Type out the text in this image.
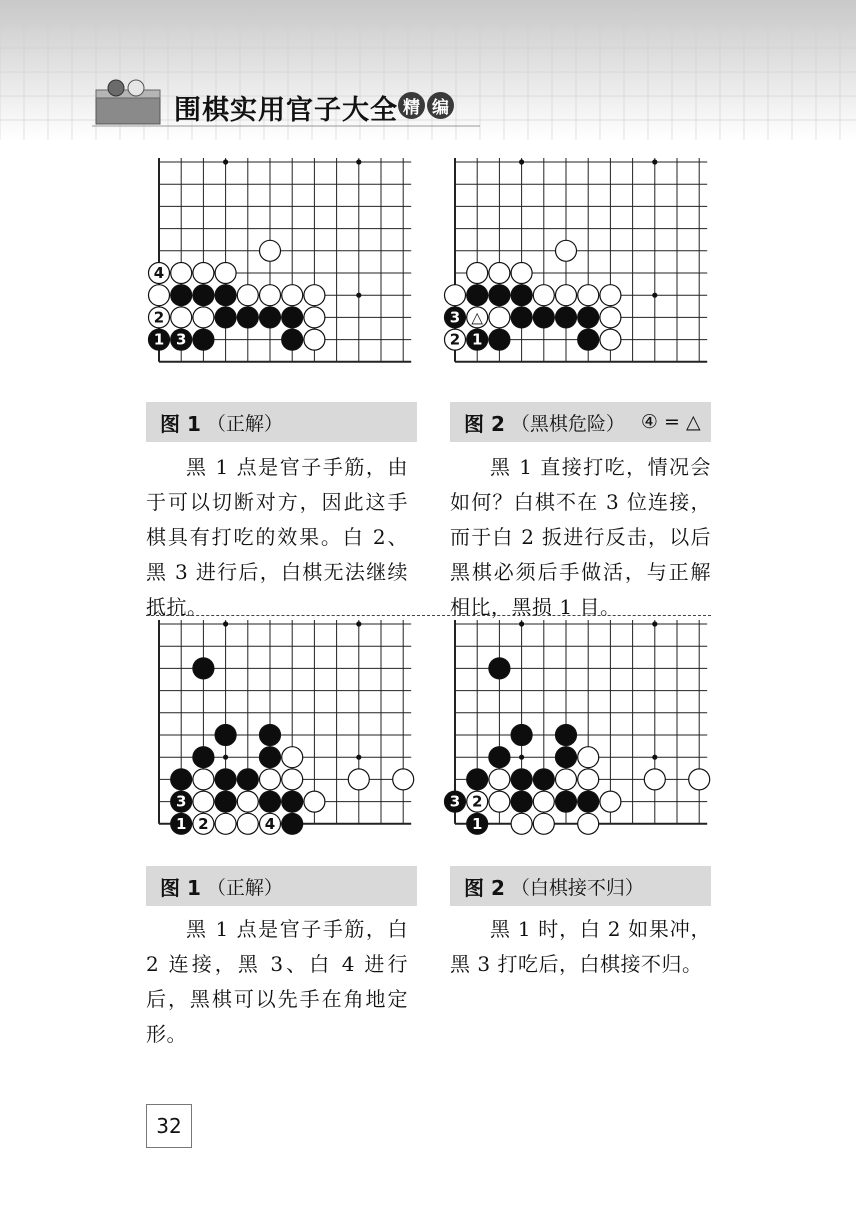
围棋实用官子大全 精 编
4
2
1 3
3 △
2 1
3
1 2	4
3 2
1
图 1 （正解）	图 2 （黑棋危险） ④ = △
图 1 （正解）	图 2 （白棋接不归）

黑 1 点是官子手筋，由于可以切断对方，因此这手棋具有打吃的效果。白 2、黑 3 进行后，白棋无法继续抵抗。

黑 1 直接打吃，情况会如何？白棋不在 3 位连接，而于白 2 扳进行反击，以后黑棋必须后手做活，与正解相比，黑损 1 目。

黑 1 点是官子手筋，白 2 连接，黑 3、白 4 进行后，黑棋可以先手在角地定形。

黑 1 时，白 2 如果冲，黑 3 打吃后，白棋接不归。

32
